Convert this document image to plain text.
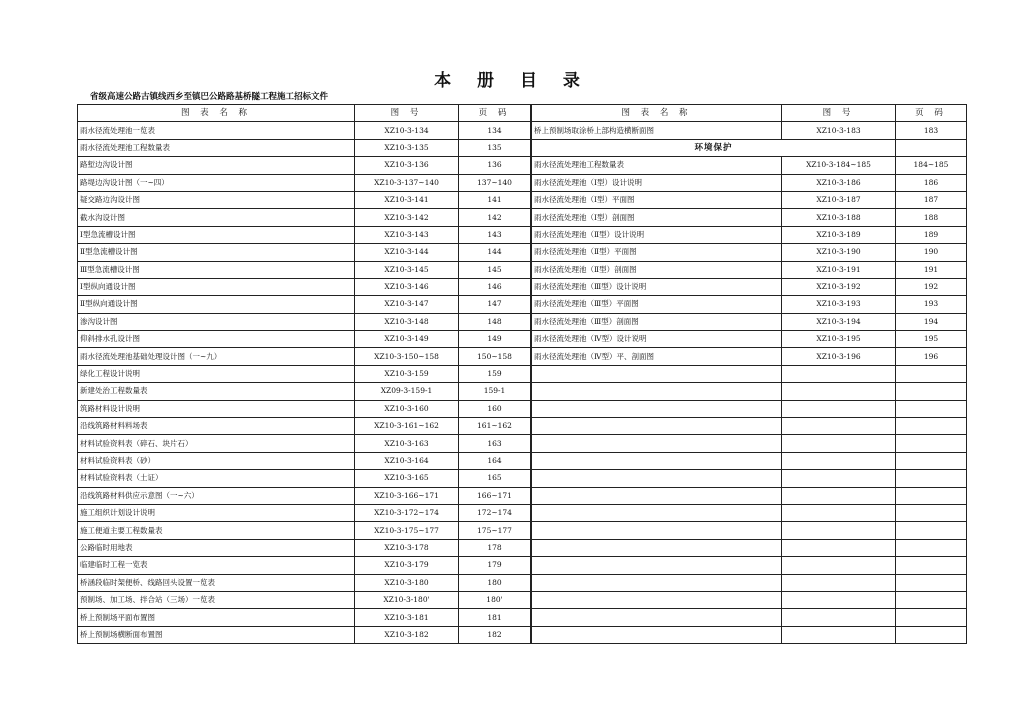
本 册 目 录
省级高速公路古镇线西乡至镇巴公路路基桥隧工程施工招标文件
图 表 名 称	图 号	页 码
雨水径流处理池一览表	XZ10-3-134	134
雨水径流处理池工程数量表	XZ10-3-135	135
路堑边沟设计图	XZ10-3-136	136
路堤边沟设计图（一~四）	XZ10-3-137~140	137~140
疑交路边沟设计图	XZ10-3-141	141
截水沟设计图	XZ10-3-142	142
Ⅰ型急流槽设计图	XZ10-3-143	143
Ⅱ型急流槽设计图	XZ10-3-144	144
Ⅲ型急流槽设计图	XZ10-3-145	145
Ⅰ型纵向通设计图	XZ10-3-146	146
Ⅱ型纵向通设计图	XZ10-3-147	147
渗沟设计图	XZ10-3-148	148
仰斜排水孔设计图	XZ10-3-149	149
雨水径流处理池基础处理设计图（一~九）	XZ10-3-150~158	150~158
绿化工程设计说明	XZ10-3-159	159
新建处治工程数量表	XZ09-3-159-1	159-1
筑路材料设计说明	XZ10-3-160	160
沿线筑路材料料场表	XZ10-3-161~162	161~162
材料试验资料表（碎石、块片石）	XZ10-3-163	163
材料试验资料表（砂）	XZ10-3-164	164
材料试验资料表（土证）	XZ10-3-165	165
沿线筑路材料供应示意图（一~六）	XZ10-3-166~171	166~171
施工组织计划设计说明	XZ10-3-172~174	172~174
施工便道主要工程数量表	XZ10-3-175~177	175~177
公路临时用地表	XZ10-3-178	178
临建临时工程一览表	XZ10-3-179	179
桥涵段临时架便桥、线路回头设置一览表	XZ10-3-180	180
预制场、加工场、拌合站（三场）一览表	XZ10-3-180'	180'
桥上预制场平面布置图	XZ10-3-181	181
桥上预制场横断面布置图	XZ10-3-182	182
图 表 名 称	图 号	页 码
桥上预制场取涂桥上部构造横断面图	XZ10-3-183	183
环境保护		
雨水径流处理池工程数量表	XZ10-3-184~185	184~185
雨水径流处理池（Ⅰ型）设计说明	XZ10-3-186	186
雨水径流处理池（Ⅰ型）平面图	XZ10-3-187	187
雨水径流处理池（Ⅰ型）剖面图	XZ10-3-188	188
雨水径流处理池（Ⅱ型）设计说明	XZ10-3-189	189
雨水径流处理池（Ⅱ型）平面图	XZ10-3-190	190
雨水径流处理池（Ⅱ型）剖面图	XZ10-3-191	191
雨水径流处理池（Ⅲ型）设计说明	XZ10-3-192	192
雨水径流处理池（Ⅲ型）平面图	XZ10-3-193	193
雨水径流处理池（Ⅲ型）剖面图	XZ10-3-194	194
雨水径流处理池（Ⅳ型）设计说明	XZ10-3-195	195
雨水径流处理池（Ⅳ型）平、剖面图	XZ10-3-196	196
